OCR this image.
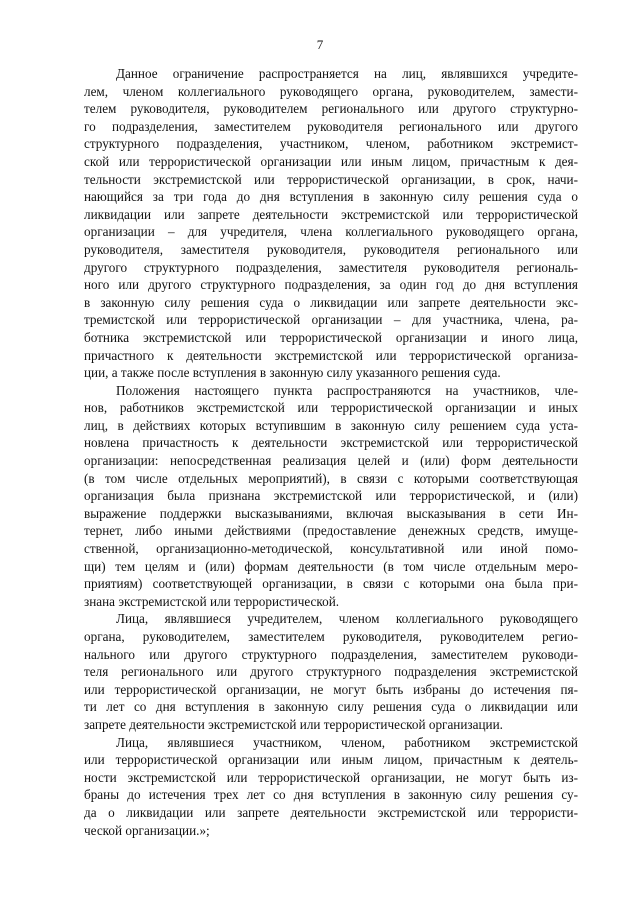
7

Данное ограничение распространяется на лиц, являвшихся учредите-
лем, членом коллегиального руководящего органа, руководителем, замести-
телем руководителя, руководителем регионального или другого структурно-
го подразделения, заместителем руководителя регионального или другого
структурного подразделения, участником, членом, работником экстремист-
ской или террористической организации или иным лицом, причастным к дея-
тельности экстремистской или террористической организации, в срок, начи-
нающийся за три года до дня вступления в законную силу решения суда о
ликвидации или запрете деятельности экстремистской или террористической
организации – для учредителя, члена коллегиального руководящего органа,
руководителя, заместителя руководителя, руководителя регионального или
другого структурного подразделения, заместителя руководителя региональ-
ного или другого структурного подразделения, за один год до дня вступления
в законную силу решения суда о ликвидации или запрете деятельности экс-
тремистской или террористической организации – для участника, члена, ра-
ботника экстремистской или террористической организации и иного лица,
причастного к деятельности экстремистской или террористической организа-
ции, а также после вступления в законную силу указанного решения суда.

Положения настоящего пункта распространяются на участников, чле-
нов, работников экстремистской или террористической организации и иных
лиц, в действиях которых вступившим в законную силу решением суда уста-
новлена причастность к деятельности экстремистской или террористической
организации: непосредственная реализация целей и (или) форм деятельности
(в том числе отдельных мероприятий), в связи с которыми соответствующая
организация была признана экстремистской или террористической, и (или)
выражение поддержки высказываниями, включая высказывания в сети Ин-
тернет, либо иными действиями (предоставление денежных средств, имуще-
ственной, организационно-методической, консультативной или иной помо-
щи) тем целям и (или) формам деятельности (в том числе отдельным меро-
приятиям) соответствующей организации, в связи с которыми она была при-
знана экстремистской или террористической.

Лица, являвшиеся учредителем, членом коллегиального руководящего
органа, руководителем, заместителем руководителя, руководителем регио-
нального или другого структурного подразделения, заместителем руководи-
теля регионального или другого структурного подразделения экстремистской
или террористической организации, не могут быть избраны до истечения пя-
ти лет со дня вступления в законную силу решения суда о ликвидации или
запрете деятельности экстремистской или террористической организации.

Лица, являвшиеся участником, членом, работником экстремистской
или террористической организации или иным лицом, причастным к деятель-
ности экстремистской или террористической организации, не могут быть из-
браны до истечения трех лет со дня вступления в законную силу решения су-
да о ликвидации или запрете деятельности экстремистской или террористи-
ческой организации.»;
